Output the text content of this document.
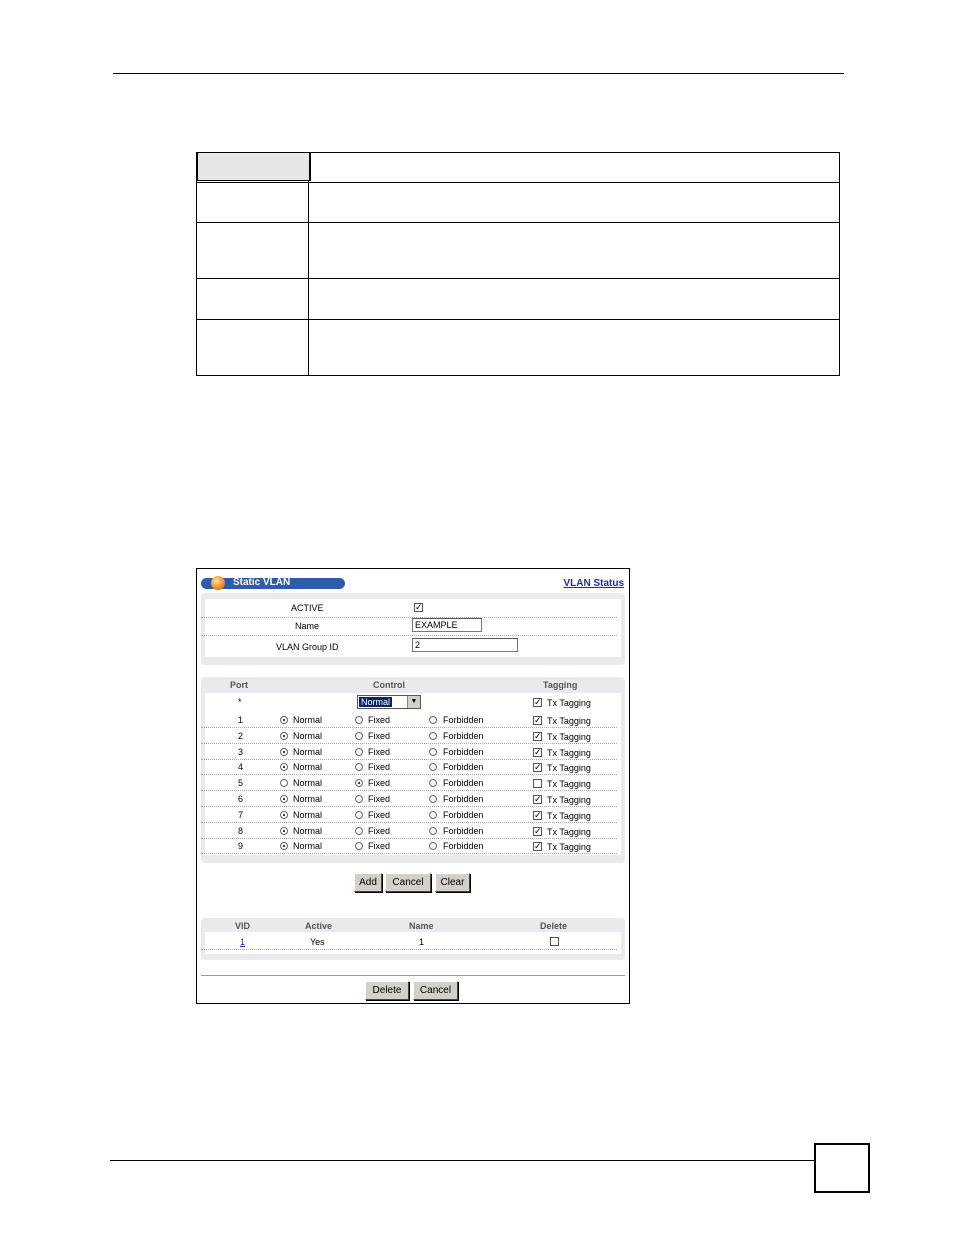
Static VLAN	VLAN Status
ACTIVE	✓
Name	EXAMPLE
VLAN Group ID	2
Port	Control	Tagging
*	Normal	▼	✓ Tx Tagging
1	Normal	Fixed	Forbidden	✓ Tx Tagging
2	Normal	Fixed	Forbidden	✓ Tx Tagging
3	Normal	Fixed	Forbidden	✓ Tx Tagging
4	Normal	Fixed	Forbidden	✓ Tx Tagging
5	Normal	Fixed	Forbidden	Tx Tagging
6	Normal	Fixed	Forbidden	✓ Tx Tagging
7	Normal	Fixed	Forbidden	✓ Tx Tagging
8	Normal	Fixed	Forbidden	✓ Tx Tagging
9	Normal	Fixed	Forbidden	✓ Tx Tagging
Add	Cancel	Clear
VID	Active	Name	Delete
1	Yes	1
Delete	Cancel
